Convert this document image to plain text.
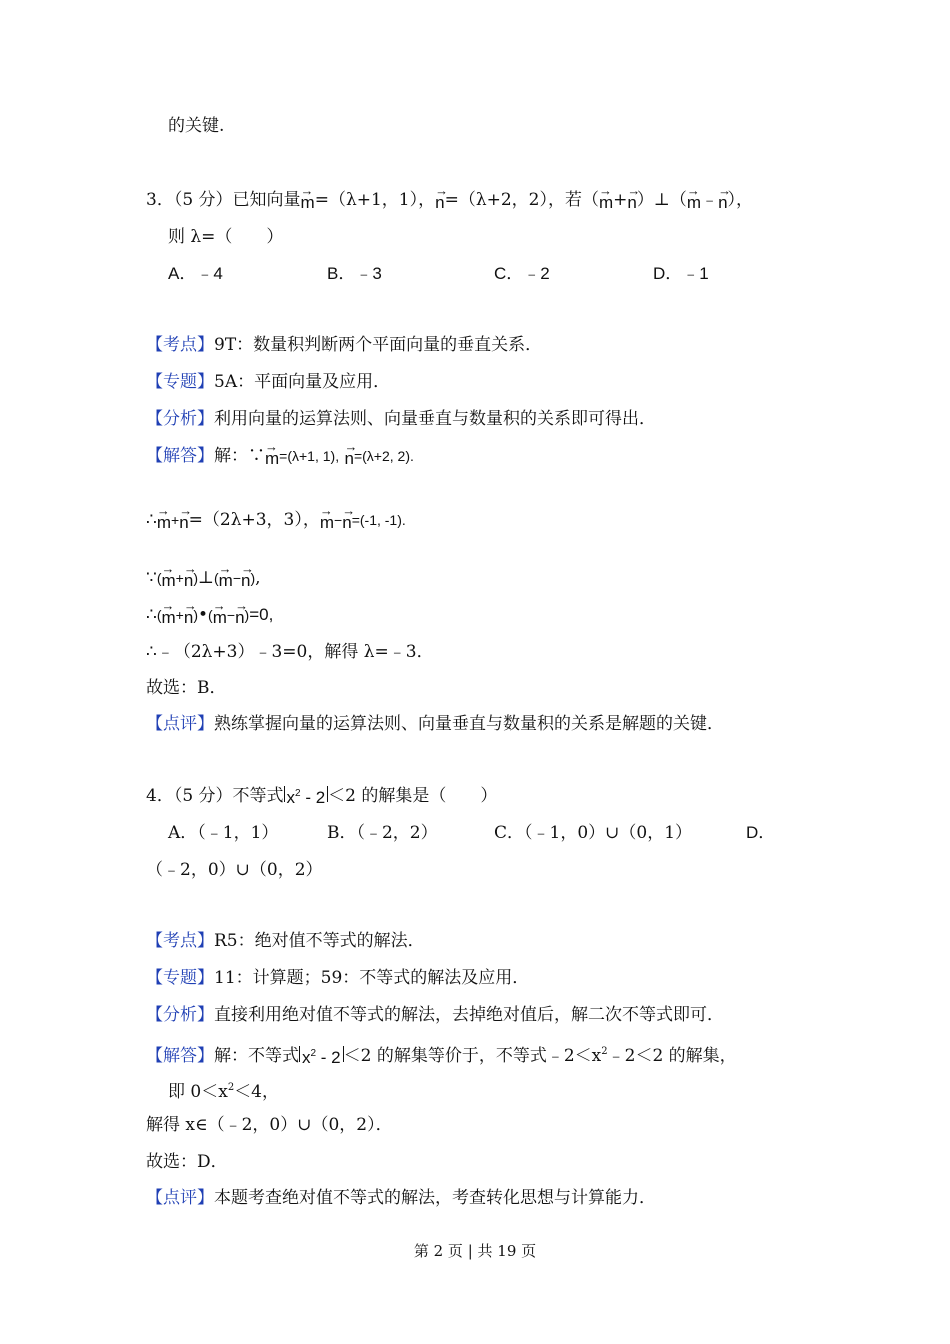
的关键.
3．（5 分）已知向量→ m=（λ+1，1），→ n=（λ+2，2），若（→ m+→ n）⊥（→ m﹣→ n），
则 λ=（　　）
A．﹣4	B．﹣3	C．﹣2	D．﹣1
【考点】9T：数量积判断两个平面向量的垂直关系．
【专题】5A：平面向量及应用．
【分析】利用向量的运算法则、向量垂直与数量积的关系即可得出．
【解答】解：∵→ m=(λ+1, 1), → n=(λ+2, 2).
∴→ m+→ n=（2λ+3，3），→ m−→ n=(-1, -1).
∵(→ m+→ n)⊥(→ m−→ n),
∴(→ m+→ n)•(→ m−→ n)=0,
∴﹣（2λ+3）﹣3=0，解得 λ=﹣3．
故选：B．
【点评】熟练掌握向量的运算法则、向量垂直与数量积的关系是解题的关键．
4．（5 分）不等式 $x^2 - 2 <2$ 的解集是（　　）
A．（﹣1，1）	B．（﹣2，2）	C．（﹣1，0）∪（0，1）	D．
（﹣2，0）∪（0，2）
【考点】R5：绝对值不等式的解法．
【专题】11：计算题；59：不等式的解法及应用．
【分析】直接利用绝对值不等式的解法，去掉绝对值后，解二次不等式即可．
【解答】解：不等式 $x^2 - 2 <2$ 的解集等价于，不等式$﹣2<x^2﹣2<2$ 的解集，
即 $0<x^2<4$，
解得 x∈（﹣2，0）∪（0，2）．
故选：D．
【点评】本题考查绝对值不等式的解法，考查转化思想与计算能力．
第 2 页 | 共 19 页
